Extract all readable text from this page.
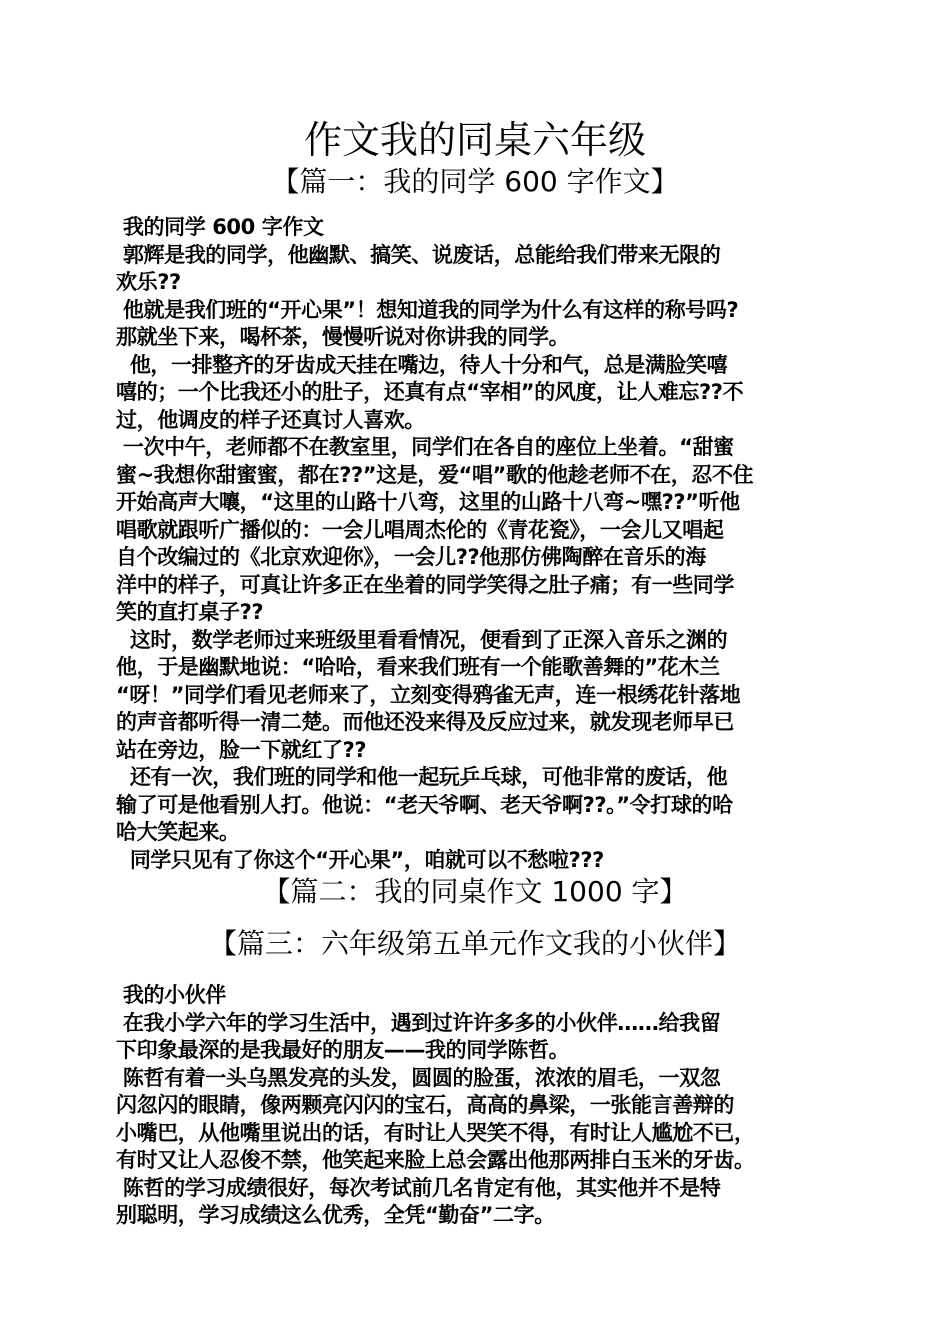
作文我的同桌六年级
【篇一：我的同学 600 字作文】

我的同学 600 字作文

郭辉是我的同学，他幽默、搞笑、说废话，总能给我们带来无限的

欢乐??

他就是我们班的“开心果”！想知道我的同学为什么有这样的称号吗?

那就坐下来，喝杯茶，慢慢听说对你讲我的同学。

他，一排整齐的牙齿成天挂在嘴边，待人十分和气，总是满脸笑嘻

嘻的；一个比我还小的肚子，还真有点“宰相”的风度，让人难忘??不

过，他调皮的样子还真讨人喜欢。

一次中午，老师都不在教室里，同学们在各自的座位上坐着。“甜蜜

蜜~我想你甜蜜蜜，都在??”这是，爱“唱”歌的他趁老师不在，忍不住

开始高声大嚷，“这里的山路十八弯，这里的山路十八弯~嘿??”听他

唱歌就跟听广播似的：一会儿唱周杰伦的《青花瓷》，一会儿又唱起

自个改编过的《北京欢迎你》，一会儿??他那仿佛陶醉在音乐的海

洋中的样子，可真让许多正在坐着的同学笑得之肚子痛；有一些同学

笑的直打桌子??

这时，数学老师过来班级里看看情况，便看到了正深入音乐之渊的

他，于是幽默地说：“哈哈，看来我们班有一个能歌善舞的”花木兰

“呀！”同学们看见老师来了，立刻变得鸦雀无声，连一根绣花针落地

的声音都听得一清二楚。而他还没来得及反应过来，就发现老师早已

站在旁边，脸一下就红了??

还有一次，我们班的同学和他一起玩乒乓球，可他非常的废话，他

输了可是他看别人打。他说：“老天爷啊、老天爷啊??。”令打球的哈

哈大笑起来。

同学只见有了你这个“开心果”，咱就可以不愁啦???

【篇二：我的同桌作文 1000 字】
【篇三：六年级第五单元作文我的小伙伴】

我的小伙伴

在我小学六年的学习生活中，遇到过许许多多的小伙伴……给我留

下印象最深的是我最好的朋友——我的同学陈哲。

陈哲有着一头乌黑发亮的头发，圆圆的脸蛋，浓浓的眉毛，一双忽

闪忽闪的眼睛，像两颗亮闪闪的宝石，高高的鼻梁，一张能言善辩的

小嘴巴，从他嘴里说出的话，有时让人哭笑不得，有时让人尴尬不已，

有时又让人忍俊不禁，他笑起来脸上总会露出他那两排白玉米的牙齿。

陈哲的学习成绩很好，每次考试前几名肯定有他，其实他并不是特

别聪明，学习成绩这么优秀，全凭“勤奋”二字。
